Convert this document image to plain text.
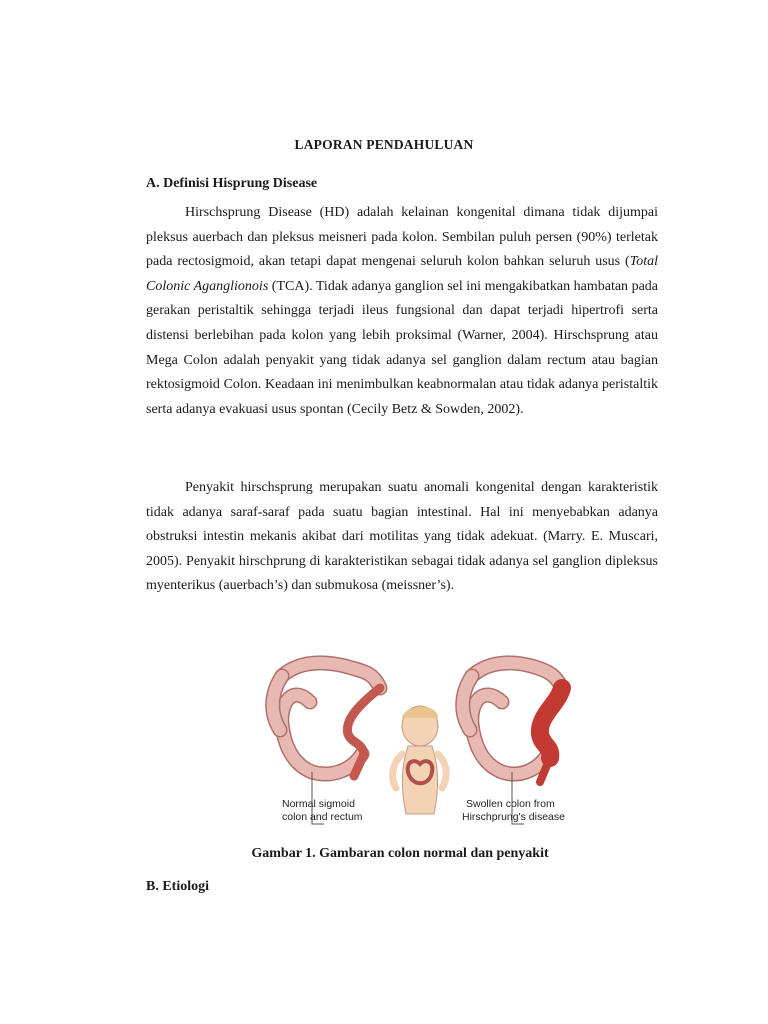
LAPORAN PENDAHULUAN
A. Definisi Hisprung Disease

Hirschsprung Disease (HD) adalah kelainan kongenital dimana tidak dijumpai pleksus auerbach dan pleksus meisneri pada kolon. Sembilan puluh persen (90%) terletak pada rectosigmoid, akan tetapi dapat mengenai seluruh kolon bahkan seluruh usus (Total Colonic Aganglionois (TCA). Tidak adanya ganglion sel ini mengakibatkan hambatan pada gerakan peristaltik sehingga terjadi ileus fungsional dan dapat terjadi hipertrofi serta distensi berlebihan pada kolon yang lebih proksimal (Warner, 2004). Hirschsprung atau Mega Colon adalah penyakit yang tidak adanya sel ganglion dalam rectum atau bagian rektosigmoid Colon. Keadaan ini menimbulkan keabnormalan atau tidak adanya peristaltik serta adanya evakuasi usus spontan (Cecily Betz & Sowden, 2002).

Penyakit hirschsprung merupakan suatu anomali kongenital dengan karakteristik tidak adanya saraf-saraf pada suatu bagian intestinal. Hal ini menyebabkan adanya obstruksi intestin mekanis akibat dari motilitas yang tidak adekuat. (Marry. E. Muscari, 2005). Penyakit hirschprung di karakteristikan sebagai tidak adanya sel ganglion dipleksus myenterikus (auerbach’s) dan submukosa (meissner’s).

Normal sigmoid
colon and rectum
Swollen colon from
Hirschprung's disease
Gambar 1. Gambaran colon normal dan penyakit
B. Etiologi
